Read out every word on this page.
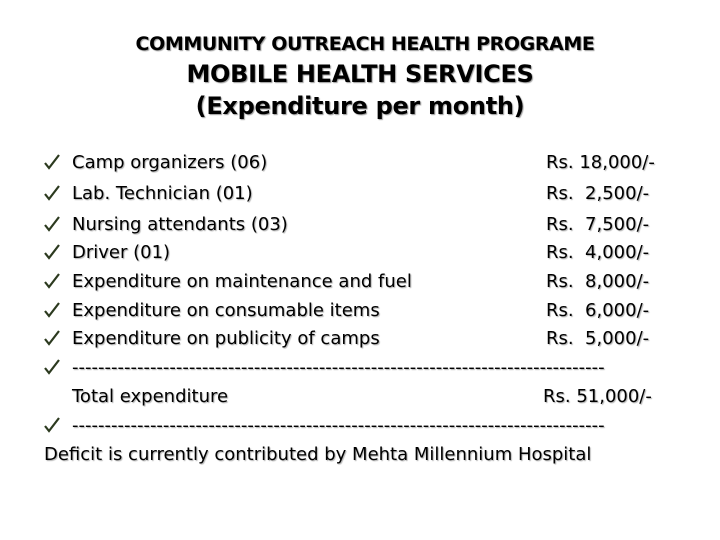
COMMUNITY OUTREACH HEALTH PROGRAME
MOBILE HEALTH SERVICES
(Expenditure per month)
Camp organizers (06)	Rs. 18,000/-
Lab. Technician (01)	Rs.  2,500/-
Nursing attendants (03)	Rs.  7,500/-
Driver (01)	Rs.  4,000/-
Expenditure on maintenance and fuel	Rs.  8,000/-
Expenditure on consumable items	Rs.  6,000/-
Expenditure on publicity of camps	Rs.  5,000/-
----------------------------------------------------------------------------------
Total expenditure	Rs. 51,000/-
----------------------------------------------------------------------------------
Deficit is currently contributed by Mehta Millennium Hospital
